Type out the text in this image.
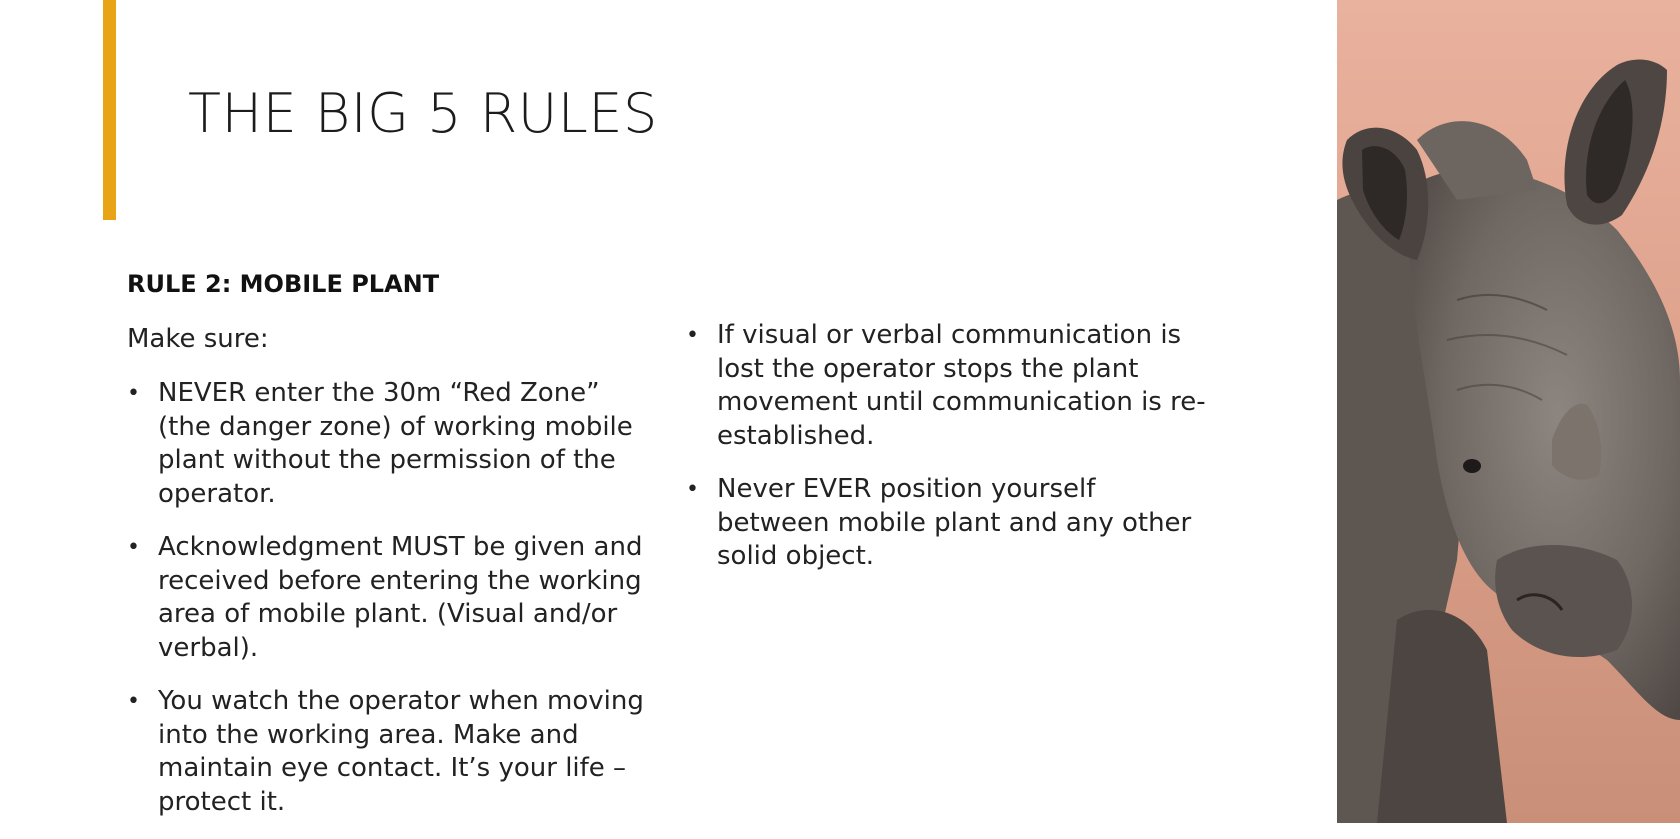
THE BIG 5 RULES
RULE 2: MOBILE PLANT

Make sure:

• NEVER enter the 30m “Red Zone” (the danger zone) of working mobile plant without the permission of the operator.
• Acknowledgment MUST be given and received before entering the working area of mobile plant. (Visual and/or verbal).
• You watch the operator when moving into the working area. Make and maintain eye contact. It’s your life – protect it.
• If visual or verbal communication is lost the operator stops the plant movement until communication is re-established.
• Never EVER position yourself between mobile plant and any other solid object.
